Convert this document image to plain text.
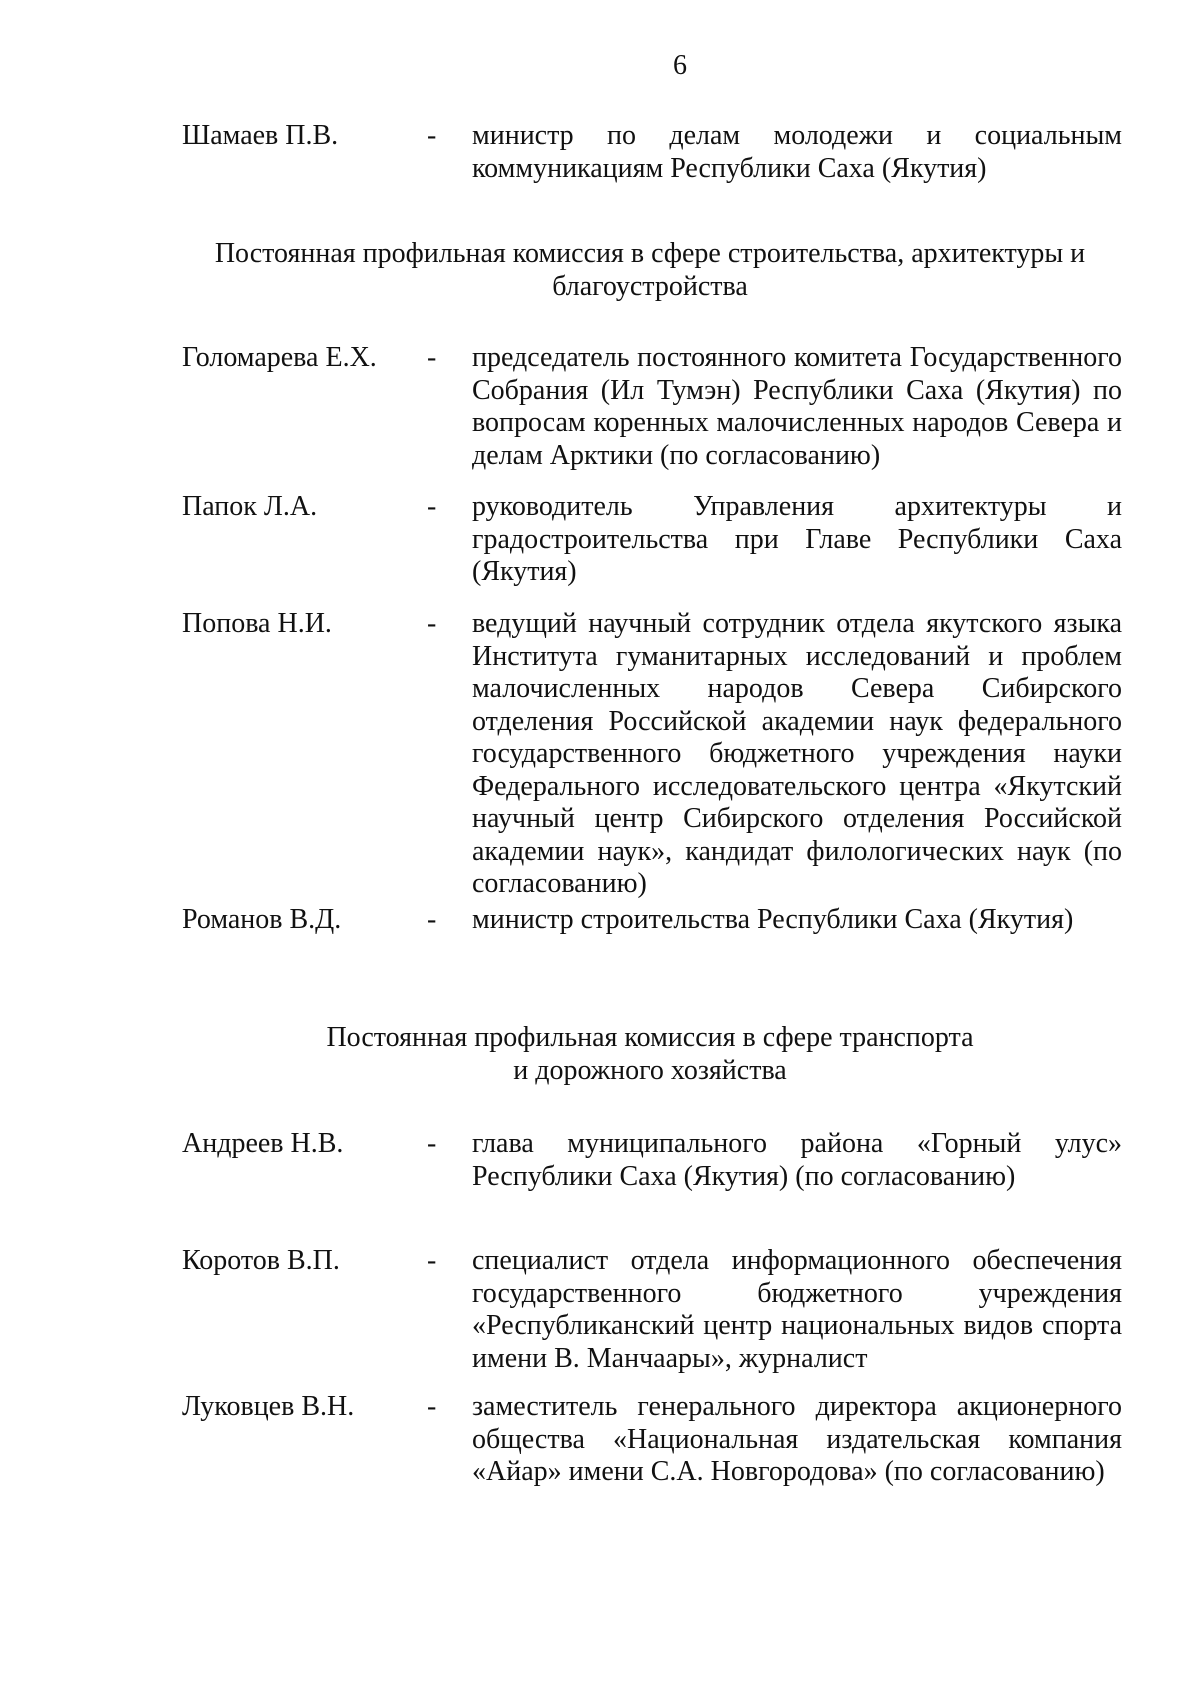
6
Шамаев П.В.	-	министр по делам молодежи и социальным коммуникациям Республики Саха (Якутия)
Постоянная профильная комиссия в сфере строительства, архитектуры и
благоустройства
Голомарева Е.Х.	-	председатель постоянного комитета Государственного Собрания (Ил Тумэн) Республики Саха (Якутия) по вопросам коренных малочисленных народов Севера и делам Арктики (по согласованию)
Папок Л.А.	-	руководитель Управления архитектуры и градостроительства при Главе Республики Саха (Якутия)
Попова Н.И.	-	ведущий научный сотрудник отдела якутского языка Института гуманитарных исследований и проблем малочисленных народов Севера Сибирского отделения Российской академии наук федерального государственного бюджетного учреждения науки Федерального исследовательского центра «Якутский научный центр Сибирского отделения Российской академии наук», кандидат филологических наук (по согласованию)
Романов В.Д.	-	министр строительства Республики Саха (Якутия)
Постоянная профильная комиссия в сфере транспорта
и дорожного хозяйства
Андреев Н.В.	-	глава муниципального района «Горный улус» Республики Саха (Якутия) (по согласованию)
Коротов В.П.	-	специалист отдела информационного обеспечения государственного бюджетного учреждения «Республиканский центр национальных видов спорта имени В. Манчаары», журналист
Луковцев В.Н.	-	заместитель генерального директора акционерного общества «Национальная издательская компания «Айар» имени С.А. Новгородова» (по согласованию)
